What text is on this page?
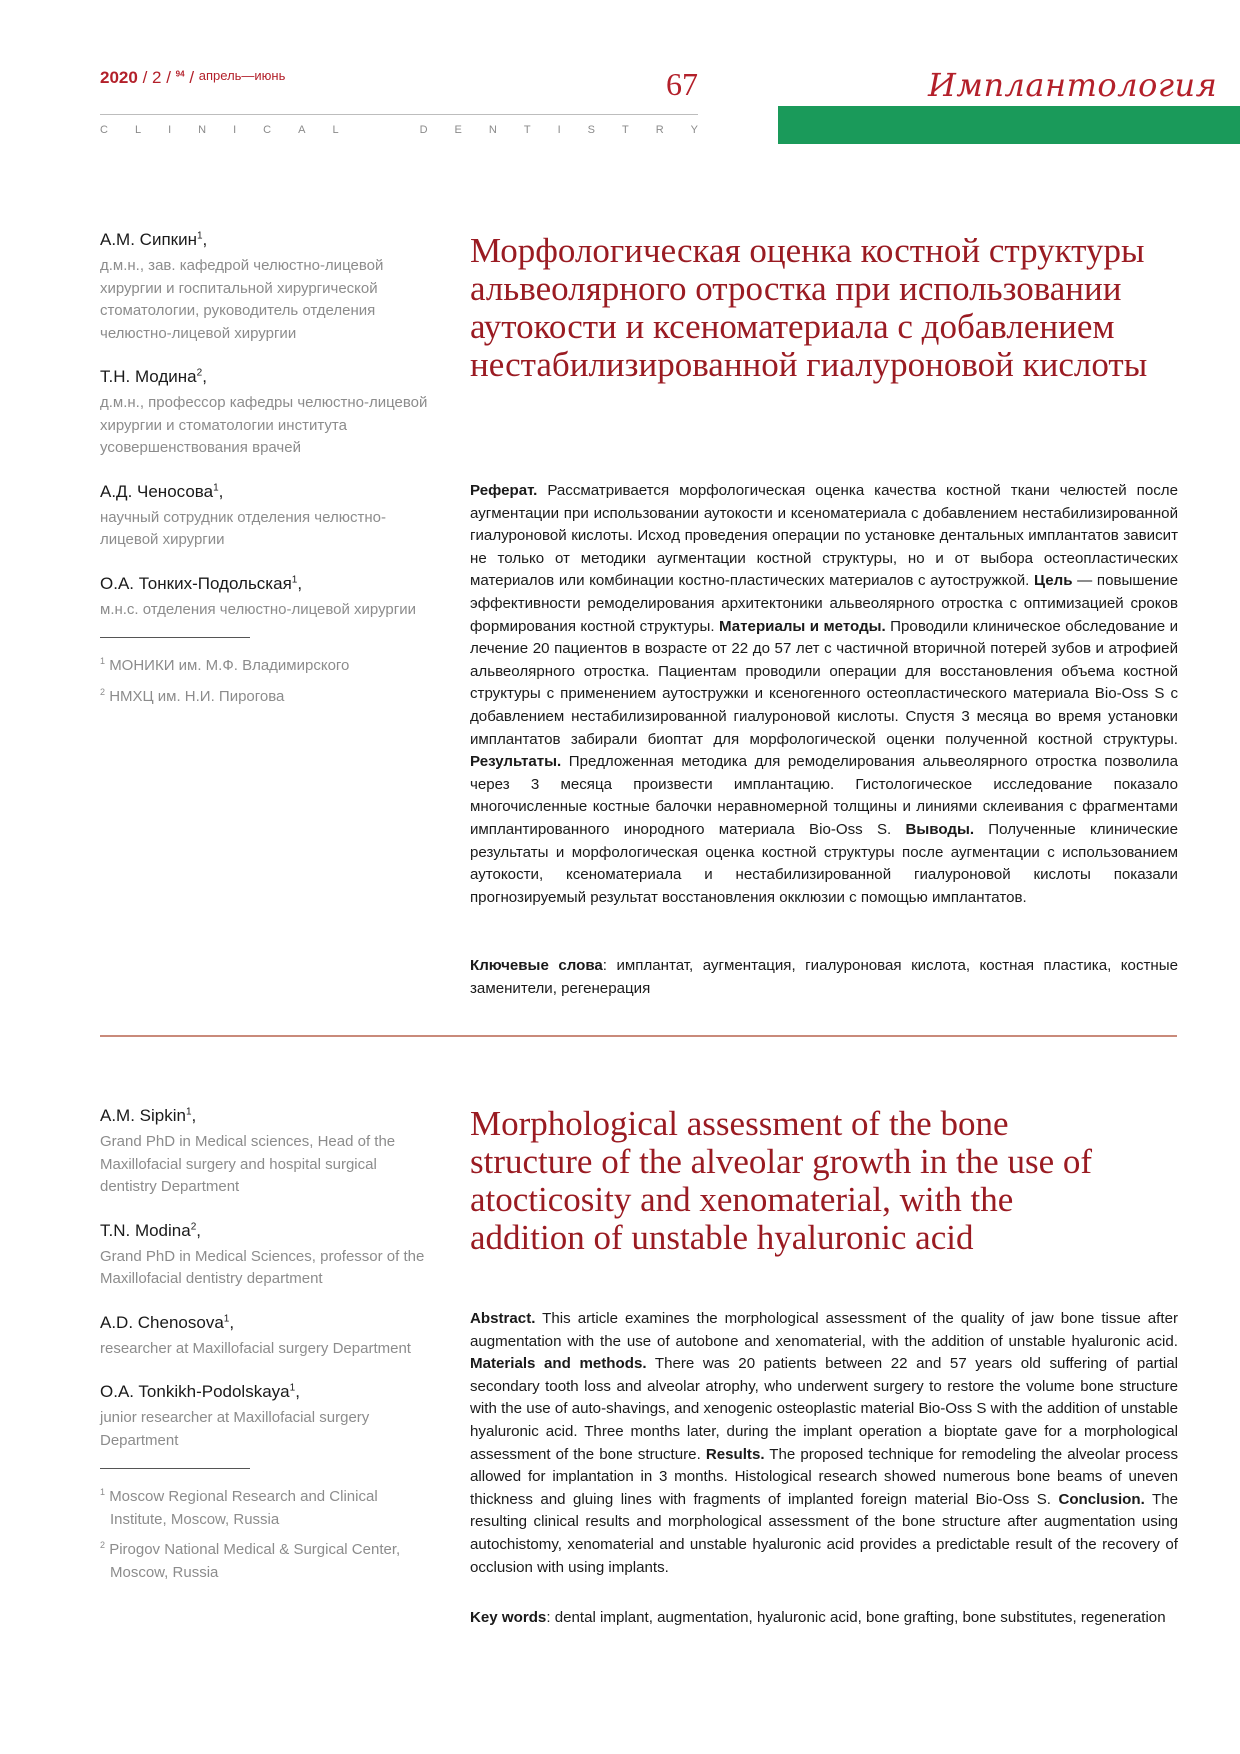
2020 / 2 / $^{94}$ / апрель—июнь	67
C L I N I C A L	D E N T I S T R Y
Имплантология
А.М. Сипкин$^1$,
д.м.н., зав. кафедрой челюстно-лицевой хирургии и госпитальной хирургической стоматологии, руководитель отделения челюстно-лицевой хирургии
Т.Н. Модина$^2$,
д.м.н., профессор кафедры челюстно-лицевой хирургии и стоматологии института усовершенствования врачей
А.Д. Ченосова$^1$,
научный сотрудник отделения челюстно-лицевой хирургии
О.А. Тонких-Подольская$^1$,
м.н.с. отделения челюстно-лицевой хирургии
$^1$ МОНИКИ им. М.Ф. Владимирского
$^2$ НМХЦ им. Н.И. Пирогова
Морфологическая оценка костной структуры альвеолярного отростка при использовании аутокости и ксеноматериала с добавлением нестабилизированной гиалуроновой кислоты
Реферат. Рассматривается морфологическая оценка качества костной ткани челюстей после аугментации при использовании аутокости и ксеноматериала с добавлением нестабилизированной гиалуроновой кислоты. Исход проведения операции по установке дентальных имплантатов зависит не только от методики аугментации костной структуры, но и от выбора остеопластических материалов или комбинации костно-пластических материалов с аутостружкой. Цель — повышение эффективности ремоделирования архитектоники альвеолярного отростка с оптимизацией сроков формирования костной структуры. Материалы и методы. Проводили клиническое обследование и лечение 20 пациентов в возрасте от 22 до 57 лет с частичной вторичной потерей зубов и атрофией альвеолярного отростка. Пациентам проводили операции для восстановления объема костной структуры с применением аутостружки и ксеногенного остеопластического материала Bio-Oss S с добавлением нестабилизированной гиалуроновой кислоты. Спустя 3 месяца во время установки имплантатов забирали биоптат для морфологической оценки полученной костной структуры. Результаты. Предложенная методика для ремоделирования альвеолярного отростка позволила через 3 месяца произвести имплантацию. Гистологическое исследование показало многочисленные костные балочки неравномерной толщины и линиями склеивания с фрагментами имплантированного инородного материала Bio-Oss S. Выводы. Полученные клинические результаты и морфологическая оценка костной структуры после аугментации с использованием аутокости, ксеноматериала и нестабилизированной гиалуроновой кислоты показали прогнозируемый результат восстановления окклюзии с помощью имплантатов.
Ключевые слова: имплантат, аугментация, гиалуроновая кислота, костная пластика, костные заменители, регенерация
A.M. Sipkin$^1$,
Grand PhD in Medical sciences, Head of the Maxillofacial surgery and hospital surgical dentistry Department
T.N. Modina$^2$,
Grand PhD in Medical Sciences, professor of the Maxillofacial dentistry department
A.D. Chenosova$^1$,
researcher at Maxillofacial surgery Department
O.A. Tonkikh-Podolskaya$^1$,
junior researcher at Maxillofacial surgery Department
$^1$ Moscow Regional Research and Clinical Institute, Moscow, Russia
$^2$ Pirogov National Medical & Surgical Center, Moscow, Russia
Morphological assessment of the bone structure of the alveolar growth in the use of atocticosity and xenomaterial, with the addition of unstable hyaluronic acid
Abstract. This article examines the morphological assessment of the quality of jaw bone tissue after augmentation with the use of autobone and xenomaterial, with the addition of unstable hyaluronic acid. Materials and methods. There was 20 patients between 22 and 57 years old suffering of partial secondary tooth loss and alveolar atrophy, who underwent surgery to restore the volume bone structure with the use of auto-shavings, and xenogenic osteoplastic material Bio-Oss S with the addition of unstable hyaluronic acid. Three months later, during the implant operation a bioptate gave for a morphological assessment of the bone structure. Results. The proposed technique for remodeling the alveolar process allowed for implantation in 3 months. Histological research showed numerous bone beams of uneven thickness and gluing lines with fragments of implanted foreign material Bio-Oss S. Conclusion. The resulting clinical results and morphological assessment of the bone structure after augmentation using autochistomy, xenomaterial and unstable hyaluronic acid provides a predictable result of the recovery of occlusion with using implants.
Key words: dental implant, augmentation, hyaluronic acid, bone grafting, bone substitutes, regeneration
